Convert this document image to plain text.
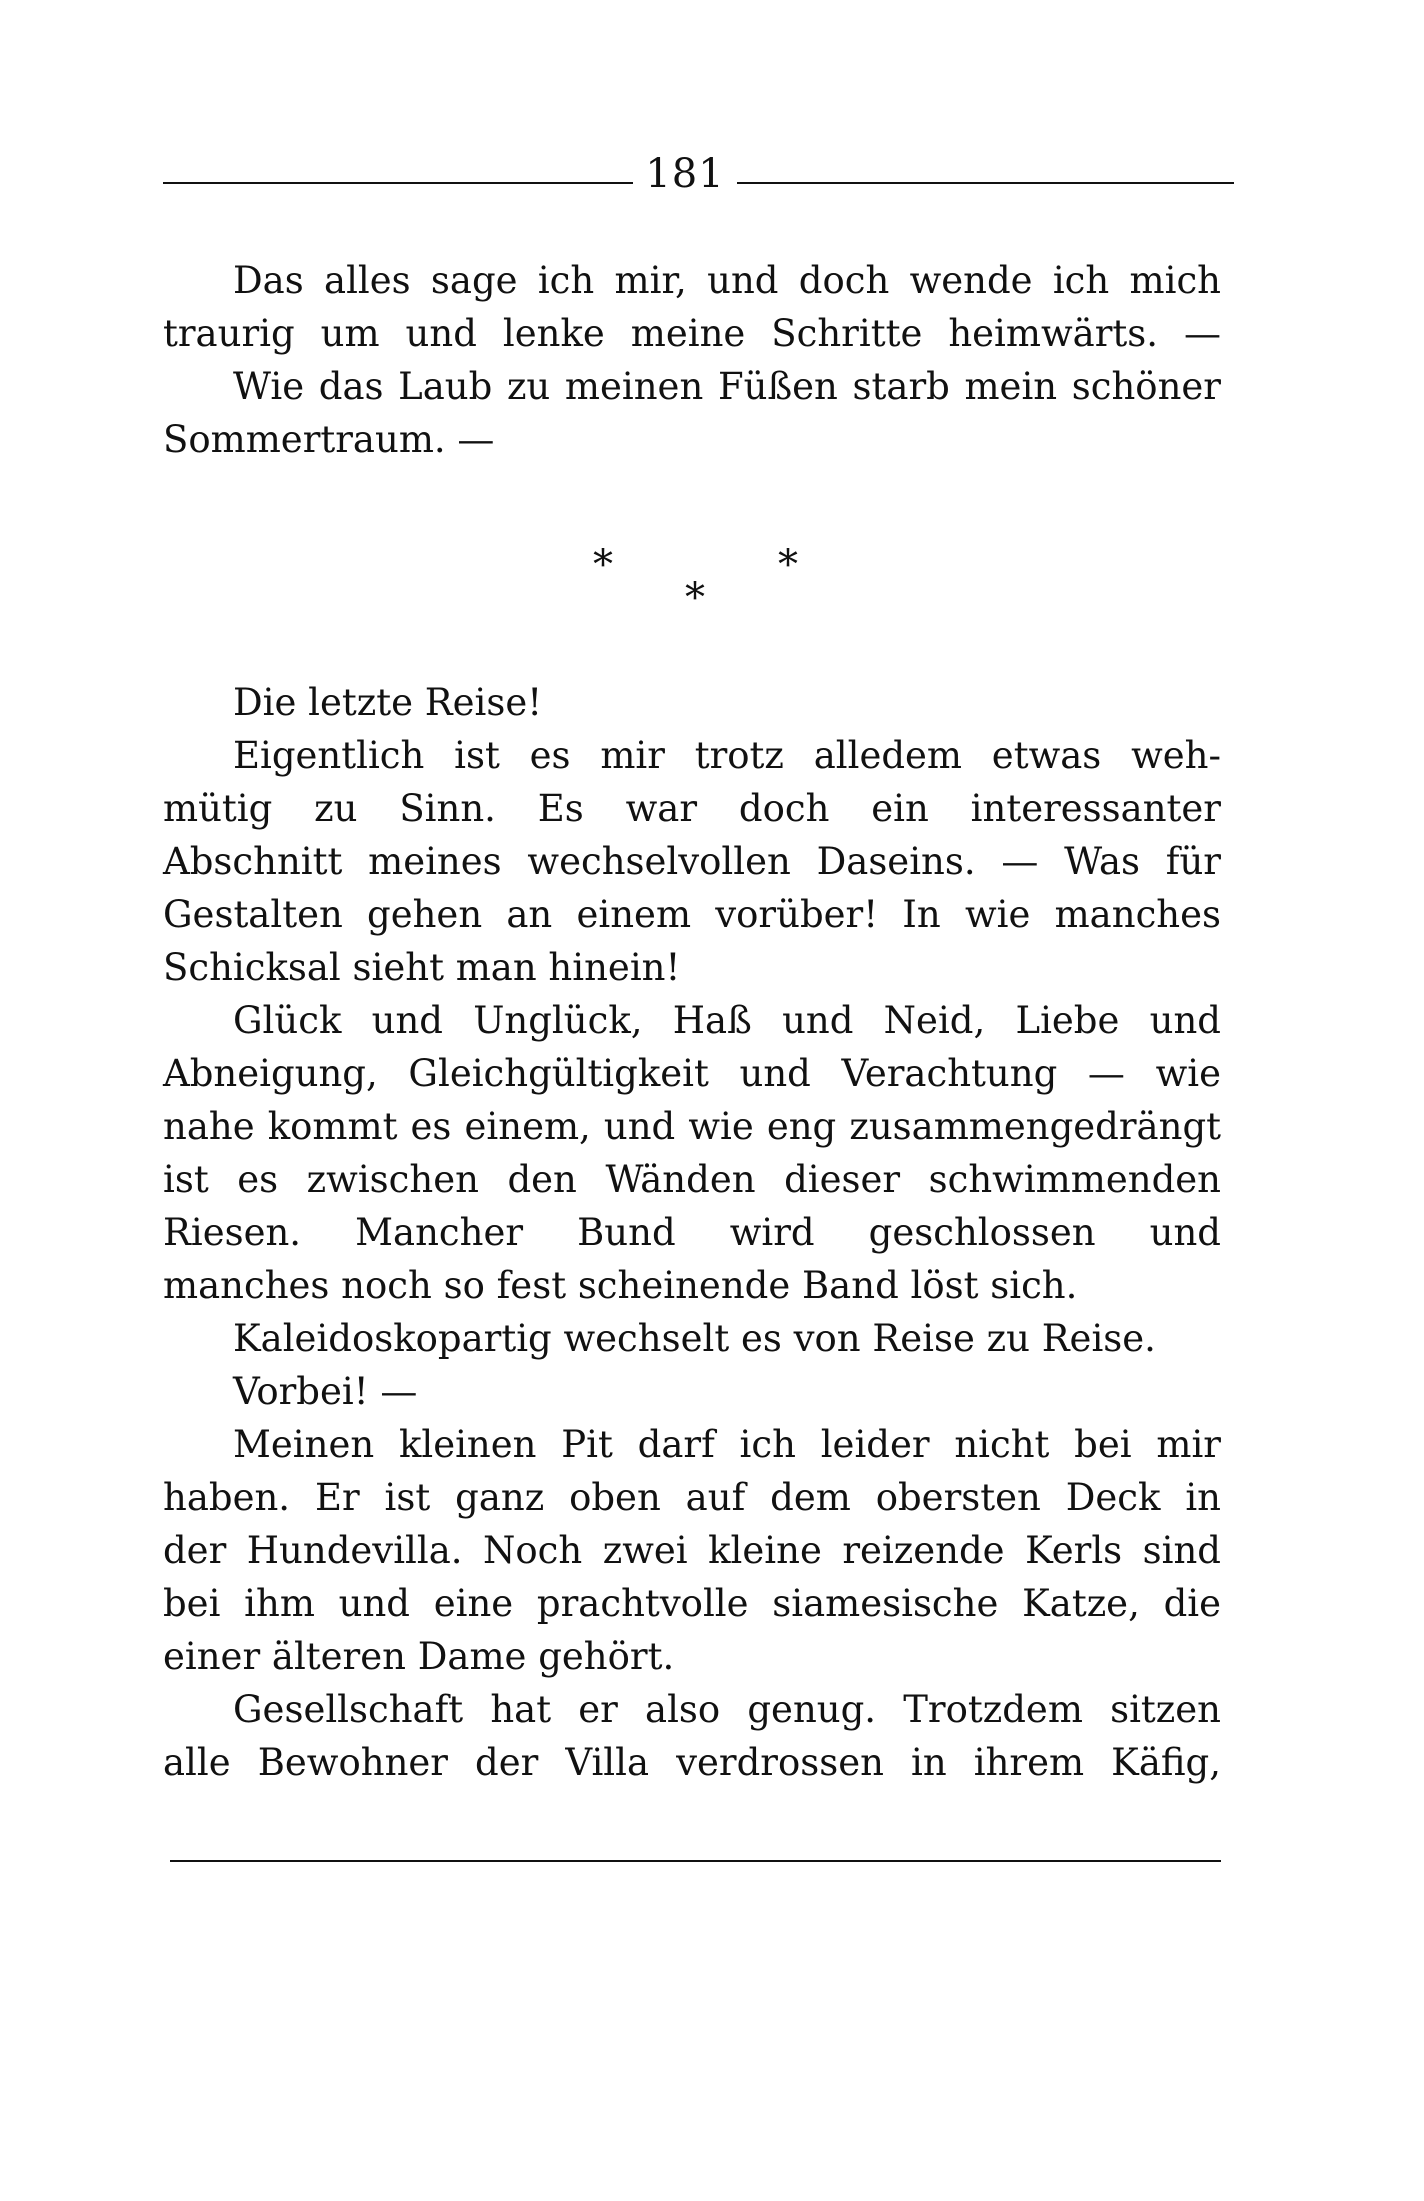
181
Das alles sage ich mir, und doch wende ich mich
traurig um und lenke meine Schritte heimwärts. —
Wie das Laub zu meinen Füßen starb mein schöner
Sommertraum. —
*	*
*
Die letzte Reise!
Eigentlich ist es mir trotz alledem etwas weh-
mütig zu Sinn. Es war doch ein interessanter
Abschnitt meines wechselvollen Daseins. — Was für
Gestalten gehen an einem vorüber! In wie manches
Schicksal sieht man hinein!
Glück und Unglück, Haß und Neid, Liebe und
Abneigung, Gleichgültigkeit und Verachtung — wie
nahe kommt es einem, und wie eng zusammengedrängt
ist es zwischen den Wänden dieser schwimmenden
Riesen. Mancher Bund wird geschlossen und
manches noch so fest scheinende Band löst sich.
Kaleidoskopartig wechselt es von Reise zu Reise.
Vorbei! —
Meinen kleinen Pit darf ich leider nicht bei mir
haben. Er ist ganz oben auf dem obersten Deck in
der Hundevilla. Noch zwei kleine reizende Kerls sind
bei ihm und eine prachtvolle siamesische Katze, die
einer älteren Dame gehört.
Gesellschaft hat er also genug. Trotzdem sitzen
alle Bewohner der Villa verdrossen in ihrem Käfig,
